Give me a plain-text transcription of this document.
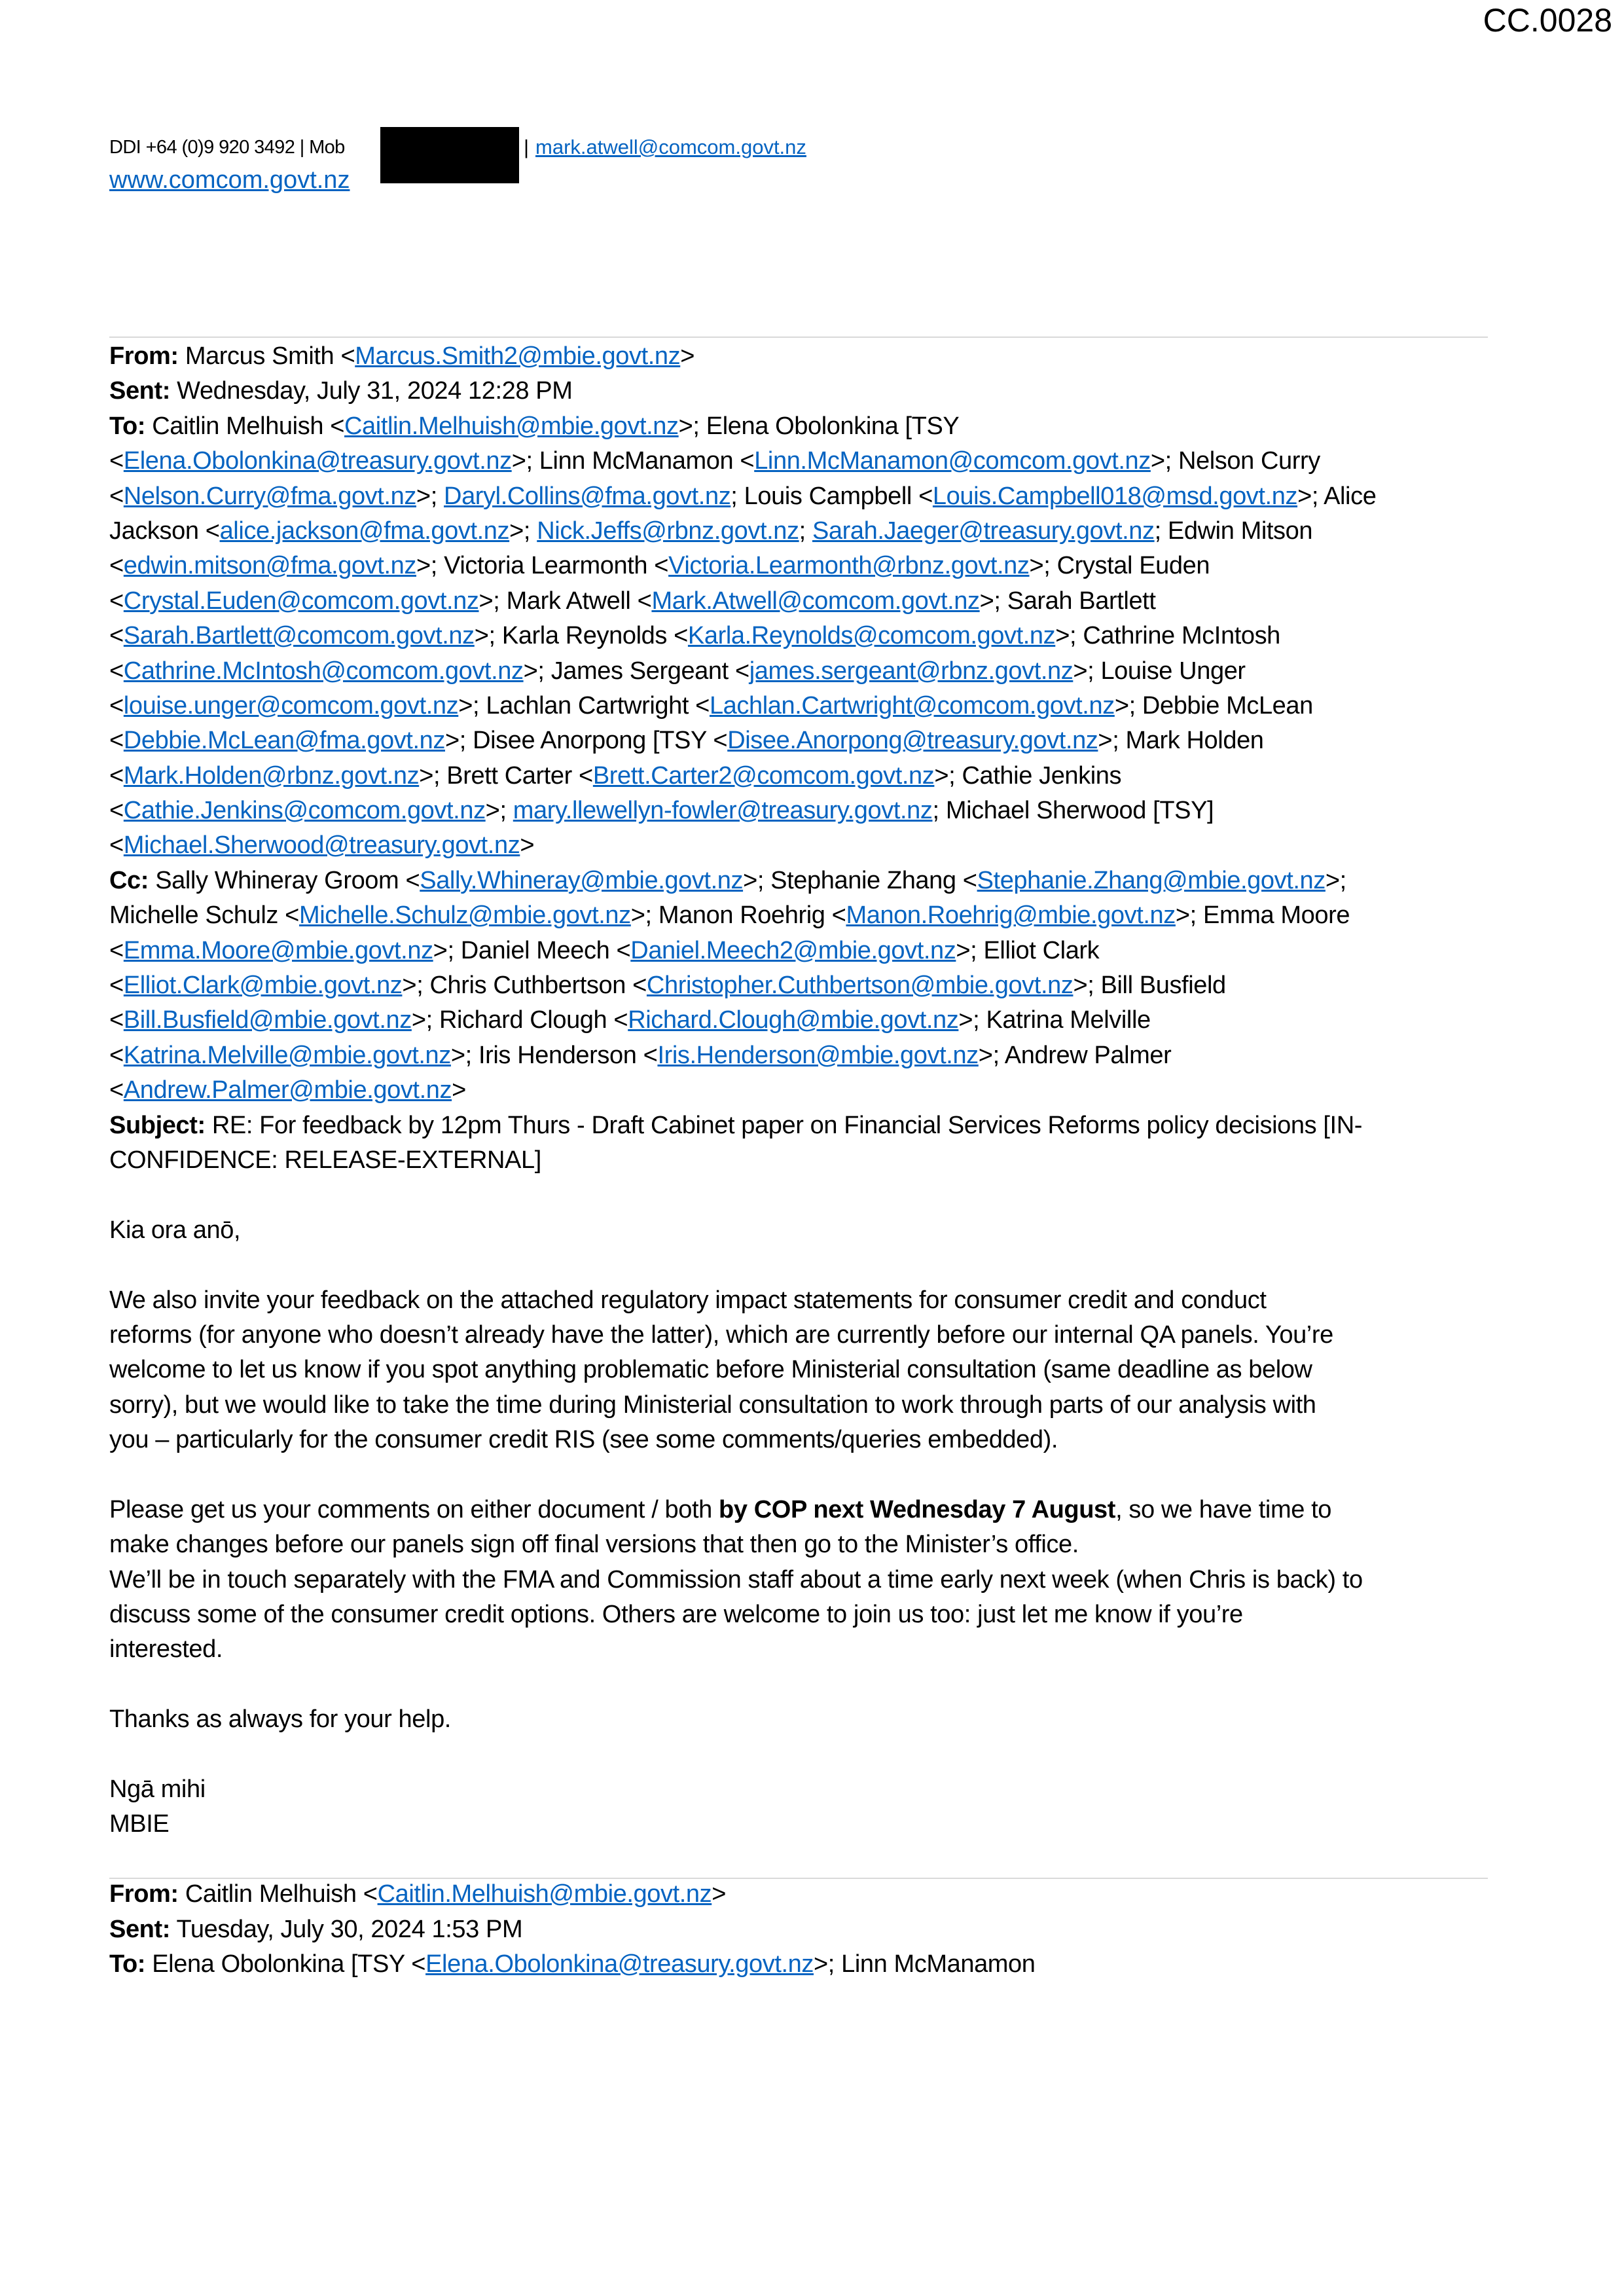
CC.0028
DDI +64 (0)9 920 3492 | Mob	| mark.atwell@comcom.govt.nz
www.comcom.govt.nz
From: Marcus Smith <Marcus.Smith2@mbie.govt.nz>
Sent: Wednesday, July 31, 2024 12:28 PM
To: Caitlin Melhuish <Caitlin.Melhuish@mbie.govt.nz>; Elena Obolonkina [TSY
<Elena.Obolonkina@treasury.govt.nz>; Linn McManamon <Linn.McManamon@comcom.govt.nz>; Nelson Curry
<Nelson.Curry@fma.govt.nz>; Daryl.Collins@fma.govt.nz; Louis Campbell <Louis.Campbell018@msd.govt.nz>; Alice
Jackson <alice.jackson@fma.govt.nz>; Nick.Jeffs@rbnz.govt.nz; Sarah.Jaeger@treasury.govt.nz; Edwin Mitson
<edwin.mitson@fma.govt.nz>; Victoria Learmonth <Victoria.Learmonth@rbnz.govt.nz>; Crystal Euden
<Crystal.Euden@comcom.govt.nz>; Mark Atwell <Mark.Atwell@comcom.govt.nz>; Sarah Bartlett
<Sarah.Bartlett@comcom.govt.nz>; Karla Reynolds <Karla.Reynolds@comcom.govt.nz>; Cathrine McIntosh
<Cathrine.McIntosh@comcom.govt.nz>; James Sergeant <james.sergeant@rbnz.govt.nz>; Louise Unger
<louise.unger@comcom.govt.nz>; Lachlan Cartwright <Lachlan.Cartwright@comcom.govt.nz>; Debbie McLean
<Debbie.McLean@fma.govt.nz>; Disee Anorpong [TSY <Disee.Anorpong@treasury.govt.nz>; Mark Holden
<Mark.Holden@rbnz.govt.nz>; Brett Carter <Brett.Carter2@comcom.govt.nz>; Cathie Jenkins
<Cathie.Jenkins@comcom.govt.nz>; mary.llewellyn-fowler@treasury.govt.nz; Michael Sherwood [TSY]
<Michael.Sherwood@treasury.govt.nz>
Cc: Sally Whineray Groom <Sally.Whineray@mbie.govt.nz>; Stephanie Zhang <Stephanie.Zhang@mbie.govt.nz>;
Michelle Schulz <Michelle.Schulz@mbie.govt.nz>; Manon Roehrig <Manon.Roehrig@mbie.govt.nz>; Emma Moore
<Emma.Moore@mbie.govt.nz>; Daniel Meech <Daniel.Meech2@mbie.govt.nz>; Elliot Clark
<Elliot.Clark@mbie.govt.nz>; Chris Cuthbertson <Christopher.Cuthbertson@mbie.govt.nz>; Bill Busfield
<Bill.Busfield@mbie.govt.nz>; Richard Clough <Richard.Clough@mbie.govt.nz>; Katrina Melville
<Katrina.Melville@mbie.govt.nz>; Iris Henderson <Iris.Henderson@mbie.govt.nz>; Andrew Palmer
<Andrew.Palmer@mbie.govt.nz>
Subject: RE: For feedback by 12pm Thurs - Draft Cabinet paper on Financial Services Reforms policy decisions [IN-
CONFIDENCE: RELEASE-EXTERNAL]
Kia ora anō,
We also invite your feedback on the attached regulatory impact statements for consumer credit and conduct
reforms (for anyone who doesn’t already have the latter), which are currently before our internal QA panels. You’re
welcome to let us know if you spot anything problematic before Ministerial consultation (same deadline as below
sorry), but we would like to take the time during Ministerial consultation to work through parts of our analysis with
you – particularly for the consumer credit RIS (see some comments/queries embedded).
Please get us your comments on either document / both by COP next Wednesday 7 August, so we have time to
make changes before our panels sign off final versions that then go to the Minister’s office.
We’ll be in touch separately with the FMA and Commission staff about a time early next week (when Chris is back) to
discuss some of the consumer credit options. Others are welcome to join us too: just let me know if you’re
interested.
Thanks as always for your help.
Ngā mihi
MBIE
From: Caitlin Melhuish <Caitlin.Melhuish@mbie.govt.nz>
Sent: Tuesday, July 30, 2024 1:53 PM
To: Elena Obolonkina [TSY <Elena.Obolonkina@treasury.govt.nz>; Linn McManamon
